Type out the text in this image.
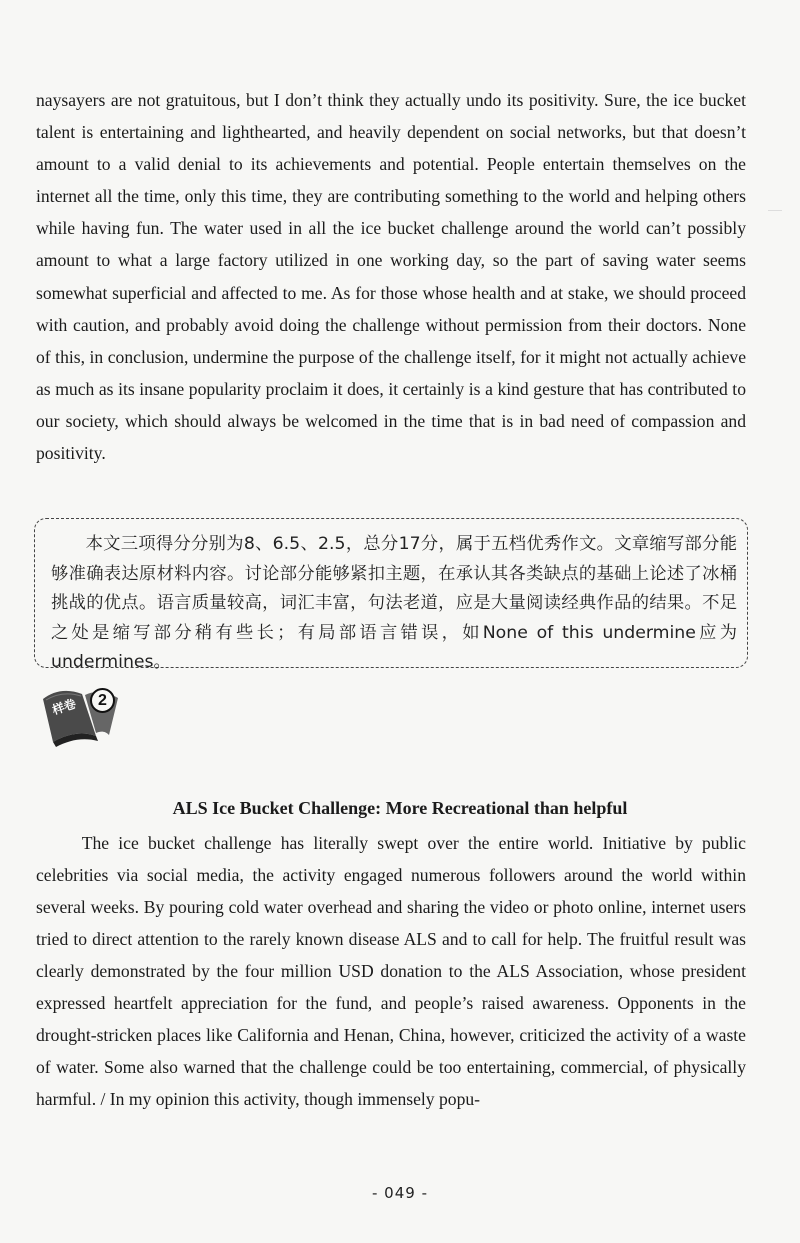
naysayers are not gratuitous, but I don’t think they actually undo its positivity. Sure, the ice bucket talent is entertaining and lighthearted, and heavily dependent on social networks, but that doesn’t amount to a valid denial to its achievements and potential. People entertain themselves on the internet all the time, only this time, they are contributing something to the world and helping others while having fun. The water used in all the ice bucket challenge around the world can’t possibly amount to what a large factory utilized in one working day, so the part of saving water seems somewhat superficial and affected to me. As for those whose health and at stake, we should proceed with caution, and probably avoid doing the challenge without permission from their doctors. None of this, in conclusion, undermine the purpose of the challenge itself, for it might not actually achieve as much as its insane popularity proclaim it does, it certainly is a kind gesture that has contributed to our society, which should always be welcomed in the time that is in bad need of compassion and positivity.

本文三项得分分别为8、6.5、2.5，总分17分，属于五档优秀作文。文章缩写部分能够准确表达原材料内容。讨论部分能够紧扣主题，在承认其各类缺点的基础上论述了冰桶挑战的优点。语言质量较高，词汇丰富，句法老道，应是大量阅读经典作品的结果。不足之处是缩写部分稍有些长；有局部语言错误，如None of this undermine应为undermines。

样卷	2
ALS Ice Bucket Challenge: More Recreational than helpful

The ice bucket challenge has literally swept over the entire world. Initiative by public celebrities via social media, the activity engaged numerous followers around the world within several weeks. By pouring cold water overhead and sharing the video or photo online, internet users tried to direct attention to the rarely known disease ALS and to call for help. The fruitful result was clearly demonstrated by the four million USD donation to the ALS Association, whose president expressed heartfelt appreciation for the fund, and people’s raised awareness. Opponents in the drought-stricken places like California and Henan, China, however, criticized the activity of a waste of water. Some also warned that the challenge could be too entertaining, commercial, of physically harmful. / In my opinion this activity, though immensely popu-

- 049 -
